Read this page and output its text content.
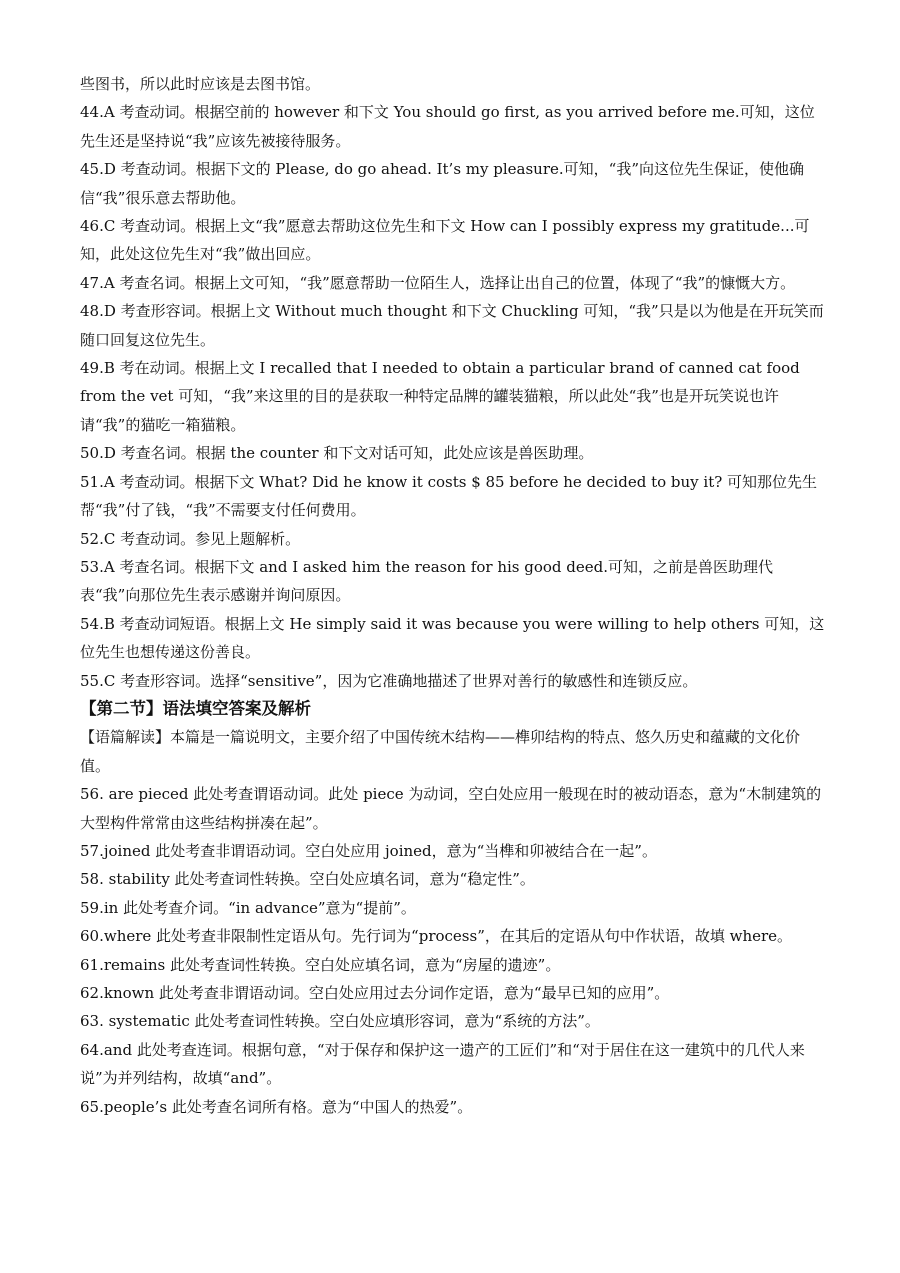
些图书，所以此时应该是去图书馆。

44.A 考查动词。根据空前的 however 和下文 You should go first, as you arrived before me.可知，这位先生还是坚持说“我”应该先被接待服务。

45.D 考查动词。根据下文的 Please, do go ahead. It’s my pleasure.可知，“我”向这位先生保证，使他确信“我”很乐意去帮助他。

46.C 考查动词。根据上文“我”愿意去帮助这位先生和下文 How can I possibly express my gratitude...可知，此处这位先生对“我”做出回应。

47.A 考查名词。根据上文可知，“我”愿意帮助一位陌生人，选择让出自己的位置，体现了“我”的慷慨大方。

48.D 考查形容词。根据上文 Without much thought 和下文 Chuckling 可知，“我”只是以为他是在开玩笑而随口回复这位先生。

49.B 考在动词。根据上文 I recalled that I needed to obtain a particular brand of canned cat food from the vet 可知，“我”来这里的目的是获取一种特定品牌的罐装猫粮，所以此处“我”也是开玩笑说也许请“我”的猫吃一箱猫粮。

50.D 考查名词。根据 the counter 和下文对话可知，此处应该是兽医助理。

51.A 考查动词。根据下文 What? Did he know it costs $ 85 before he decided to buy it? 可知那位先生帮“我”付了钱，“我”不需要支付任何费用。

52.C 考查动词。参见上题解析。

53.A 考查名词。根据下文 and I asked him the reason for his good deed.可知，之前是兽医助理代表“我”向那位先生表示感谢并询问原因。

54.B 考查动词短语。根据上文 He simply said it was because you were willing to help others 可知，这位先生也想传递这份善良。

55.C 考查形容词。选择“sensitive”，因为它准确地描述了世界对善行的敏感性和连锁反应。

【第二节】语法填空答案及解析

【语篇解读】本篇是一篇说明文，主要介绍了中国传统木结构——榫卯结构的特点、悠久历史和蕴藏的文化价值。

56. are pieced 此处考查谓语动词。此处 piece 为动词，空白处应用一般现在时的被动语态，意为“木制建筑的大型构件常常由这些结构拼凑在起”。

57.joined 此处考查非谓语动词。空白处应用 joined，意为“当榫和卯被结合在一起”。

58. stability 此处考查词性转换。空白处应填名词，意为“稳定性”。

59.in 此处考查介词。“in advance”意为“提前”。

60.where 此处考查非限制性定语从句。先行词为“process”，在其后的定语从句中作状语，故填 where。

61.remains 此处考查词性转换。空白处应填名词，意为“房屋的遗迹”。

62.known 此处考查非谓语动词。空白处应用过去分词作定语，意为“最早已知的应用”。

63. systematic 此处考查词性转换。空白处应填形容词，意为“系统的方法”。

64.and 此处考查连词。根据句意，“对于保存和保护这一遗产的工匠们”和“对于居住在这一建筑中的几代人来说”为并列结构，故填“and”。

65.people’s 此处考查名词所有格。意为“中国人的热爱”。
